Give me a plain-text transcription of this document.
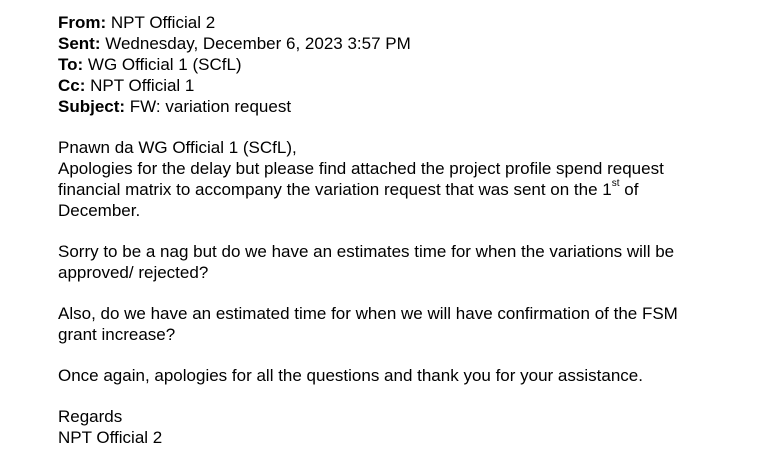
From: NPT Official 2
Sent: Wednesday, December 6, 2023 3:57 PM
To: WG Official 1 (SCfL)
Cc: NPT Official 1
Subject: FW: variation request
Pnawn da WG Official 1 (SCfL),
Apologies for the delay but please find attached the project profile spend request
financial matrix to accompany the variation request that was sent on the 1st of
December.
Sorry to be a nag but do we have an estimates time for when the variations will be
approved/ rejected?
Also, do we have an estimated time for when we will have confirmation of the FSM
grant increase?
Once again, apologies for all the questions and thank you for your assistance.
Regards
NPT Official 2
